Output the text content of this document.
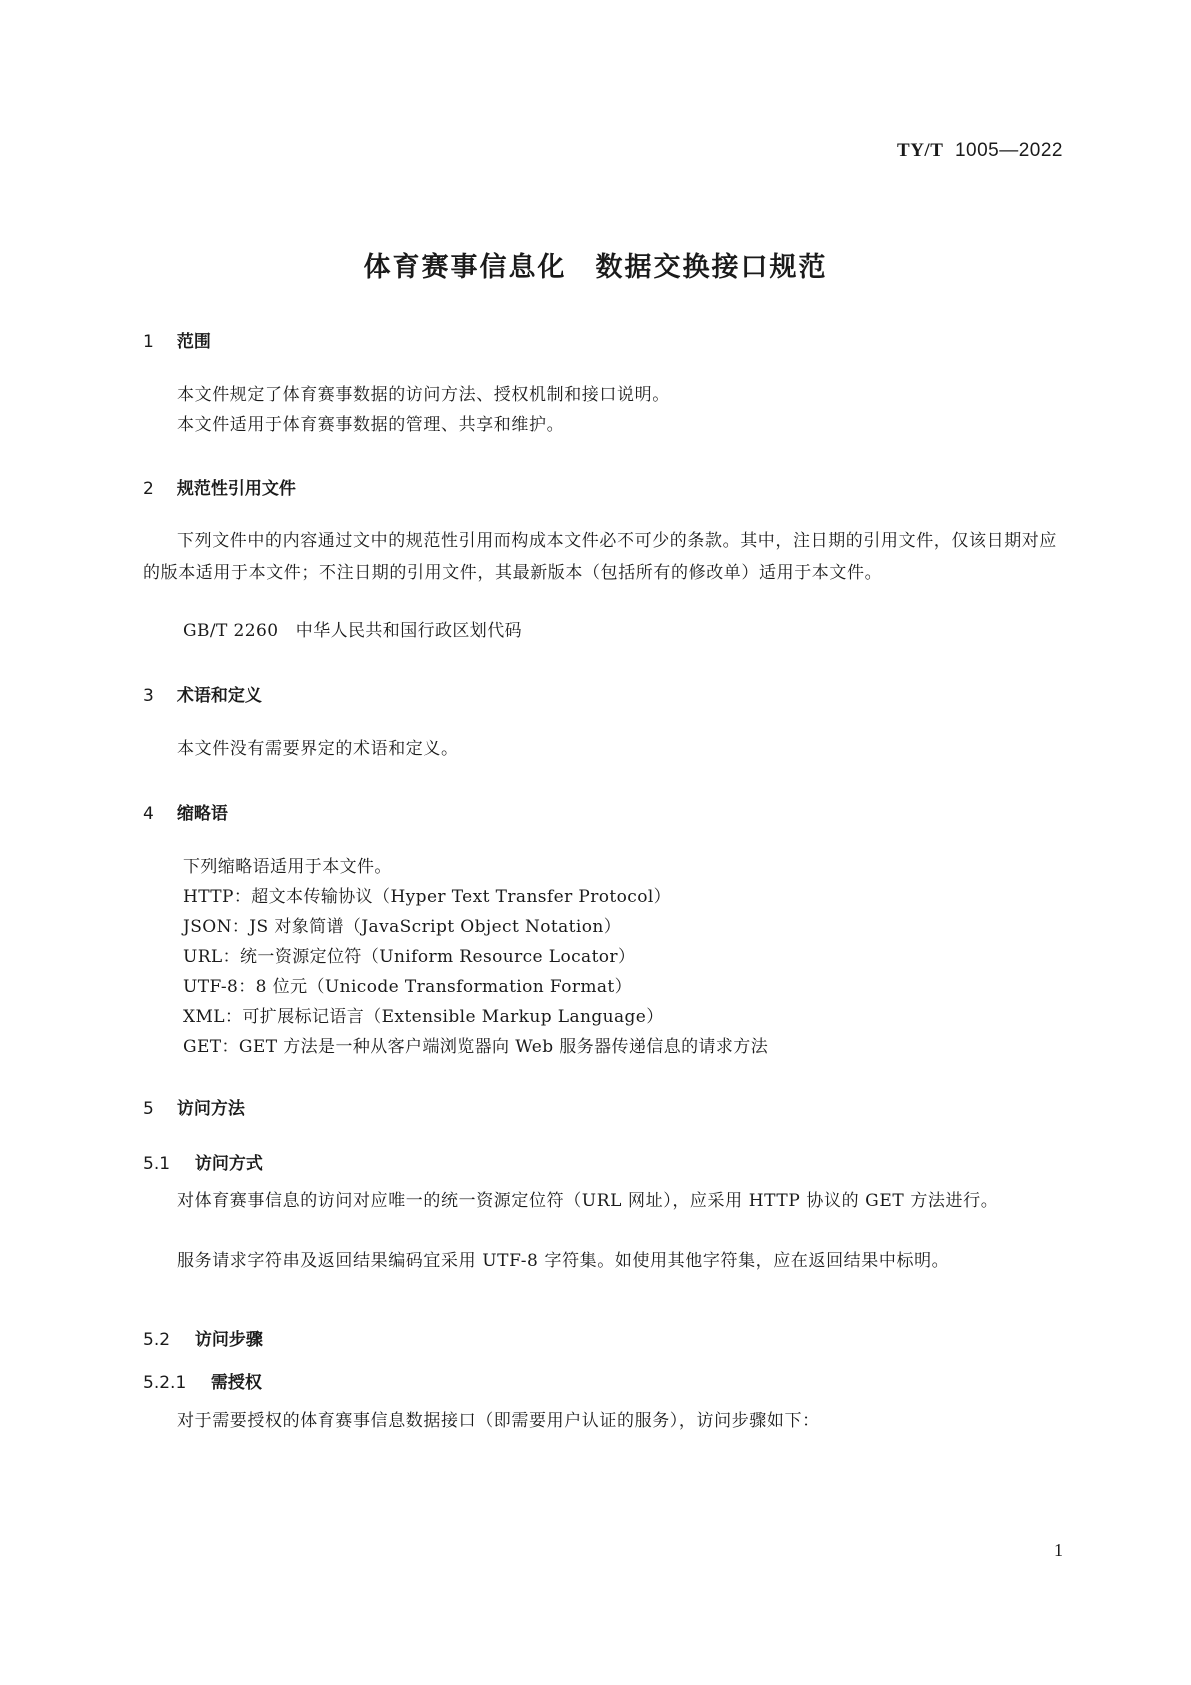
TY/T 1005—2022
体育赛事信息化　数据交换接口规范
1 范围
本文件规定了体育赛事数据的访问方法、授权机制和接口说明。
本文件适用于体育赛事数据的管理、共享和维护。
2 规范性引用文件
下列文件中的内容通过文中的规范性引用而构成本文件必不可少的条款。其中，注日期的引用文件，仅该日期对应的版本适用于本文件；不注日期的引用文件，其最新版本（包括所有的修改单）适用于本文件。
GB/T 2260　中华人民共和国行政区划代码
3 术语和定义
本文件没有需要界定的术语和定义。
4 缩略语
下列缩略语适用于本文件。
HTTP：超文本传输协议（Hyper Text Transfer Protocol）
JSON：JS 对象简谱（JavaScript Object Notation）
URL：统一资源定位符（Uniform Resource Locator）
UTF-8：8 位元（Unicode Transformation Format）
XML：可扩展标记语言（Extensible Markup Language）
GET：GET 方法是一种从客户端浏览器向 Web 服务器传递信息的请求方法
5 访问方法
5.1 访问方式
对体育赛事信息的访问对应唯一的统一资源定位符（URL 网址），应采用 HTTP 协议的 GET 方法进行。
服务请求字符串及返回结果编码宜采用 UTF-8 字符集。如使用其他字符集，应在返回结果中标明。
5.2 访问步骤
5.2.1 需授权
对于需要授权的体育赛事信息数据接口（即需要用户认证的服务），访问步骤如下：
1
